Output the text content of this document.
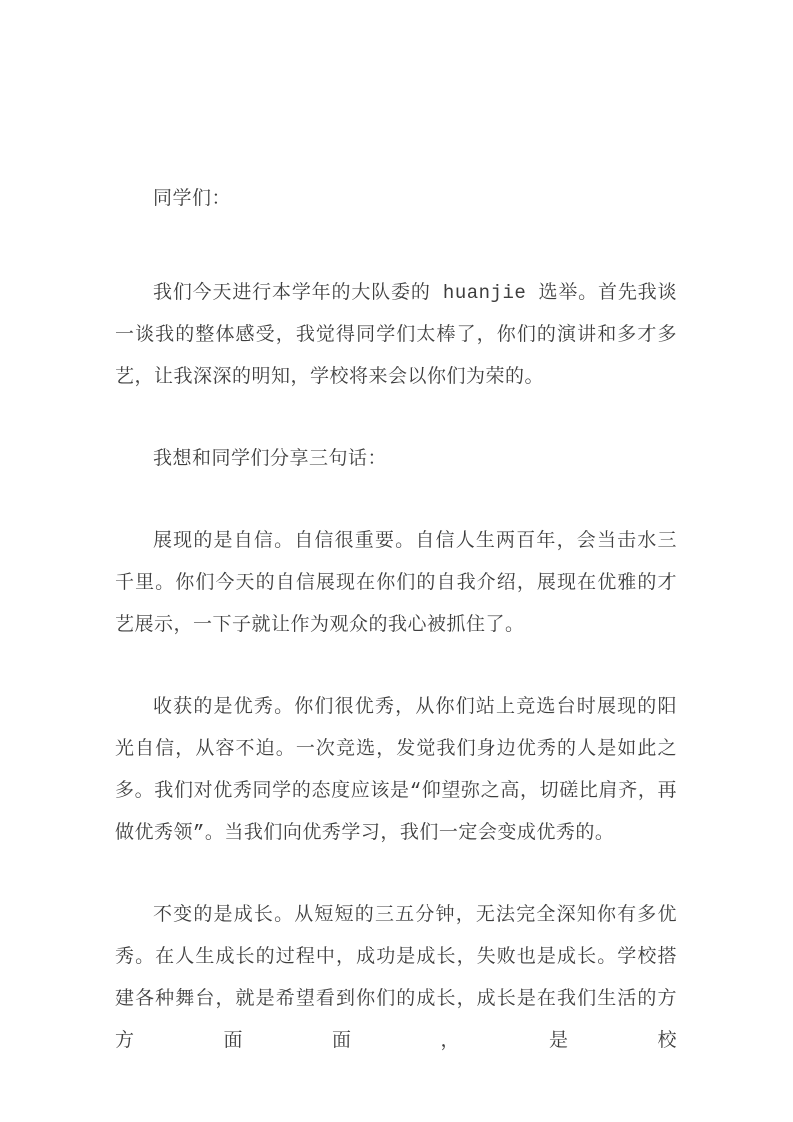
同学们：

我们今天进行本学年的大队委的 huanjie 选举。首先我谈一谈我的整体感受，我觉得同学们太棒了，你们的演讲和多才多艺，让我深深的明知，学校将来会以你们为荣的。

我想和同学们分享三句话：

展现的是自信。自信很重要。自信人生两百年，会当击水三千里。你们今天的自信展现在你们的自我介绍，展现在优雅的才艺展示，一下子就让作为观众的我心被抓住了。

收获的是优秀。你们很优秀，从你们站上竞选台时展现的阳光自信，从容不迫。一次竞选，发觉我们身边优秀的人是如此之多。我们对优秀同学的态度应该是“仰望弥之高，切磋比肩齐，再做优秀领”。当我们向优秀学习，我们一定会变成优秀的。

不变的是成长。从短短的三五分钟，无法完全深知你有多优秀。在人生成长的过程中，成功是成长，失败也是成长。学校搭建各种舞台，就是希望看到你们的成长，成长是在我们生活的方方面面，是校
